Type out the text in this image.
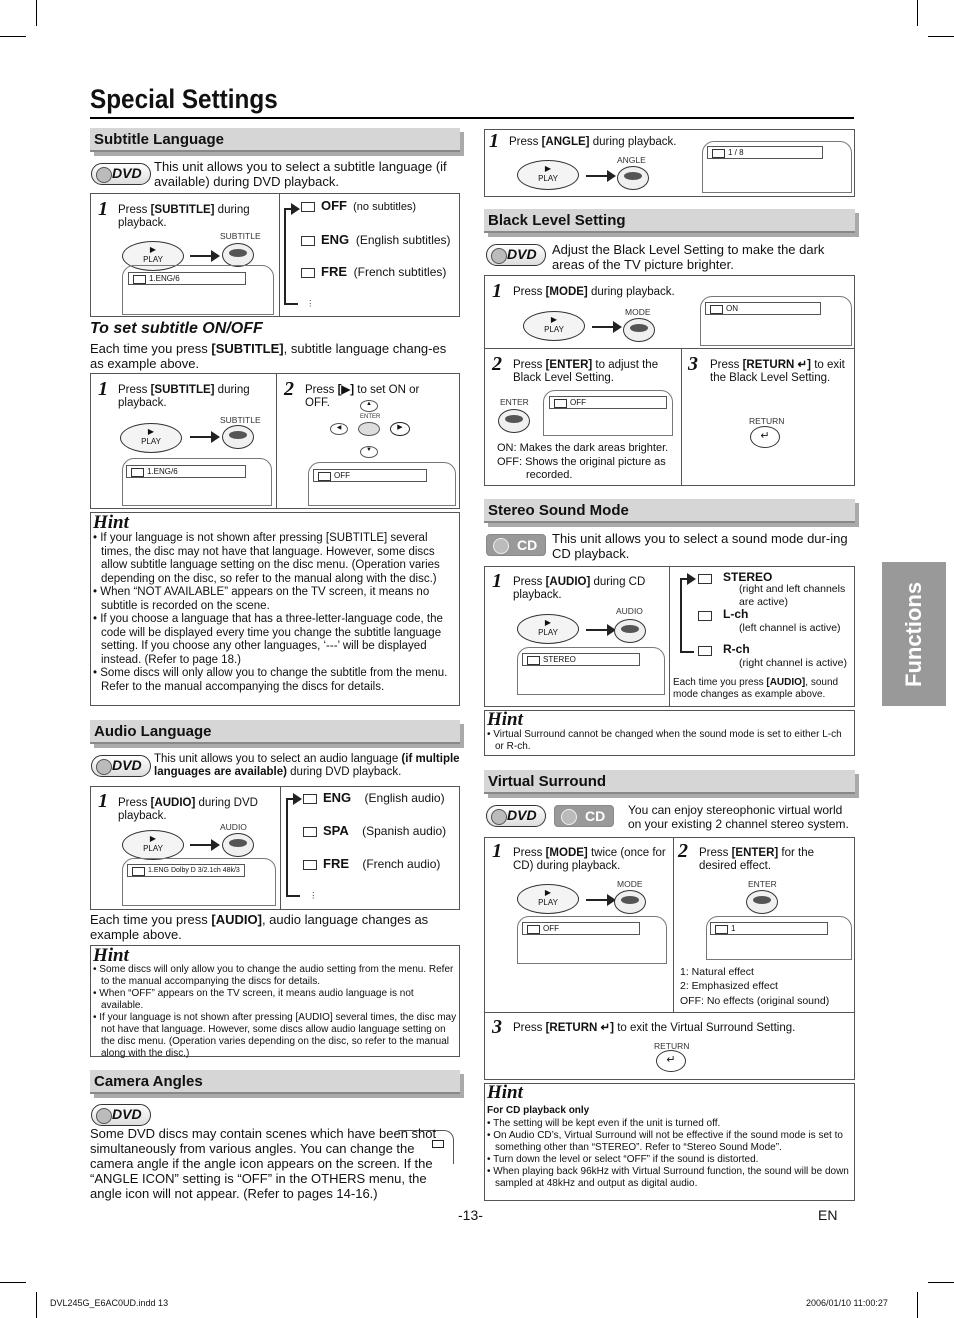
Special Settings
Subtitle Language
DVD This unit allows you to select a subtitle language (if available) during DVD playback.
1 Press [SUBTITLE] during playback.
▶
PLAY
SUBTITLE
1.ENG/6
OFF (no subtitles)
ENG (English subtitles)
FRE (French subtitles)
⋮
To set subtitle ON/OFF
Each time you press [SUBTITLE], subtitle language chang-es as example above.
1 Press [SUBTITLE] during playback.
▶
PLAY
SUBTITLE
1.ENG/6
2 Press [▶] to set ON or OFF.	▲
ENTER
◀	▶
▼
OFF
Hint
• If your language is not shown after pressing [SUBTITLE] several times, the disc may not have that language. However, some discs allow subtitle language setting on the disc menu. (Operation varies depending on the disc, so refer to the manual along with the disc.)
• When “NOT AVAILABLE” appears on the TV screen, it means no subtitle is recorded on the scene.
• If you choose a language that has a three-letter-language code, the code will be displayed every time you change the subtitle language setting. If you choose any other languages, ‘---’ will be displayed instead. (Refer to page 18.)
• Some discs will only allow you to change the subtitle from the menu. Refer to the manual accompanying the discs for details.
Audio Language
DVD	This unit allows you to select an audio language (if multiple languages are available) during DVD playback.
1 Press [AUDIO] during DVD playback.
▶
PLAY
AUDIO
1.ENG Dolby D 3/2.1ch 48k/3
ENG (English audio)
SPA (Spanish audio)
FRE (French audio)
⋮
Each time you press [AUDIO], audio language changes as example above.
Hint
• Some discs will only allow you to change the audio setting from the menu. Refer to the manual accompanying the discs for details.
• When “OFF” appears on the TV screen, it means audio language is not available.
• If your language is not shown after pressing [AUDIO] several times, the disc may not have that language. However, some discs allow audio language setting on the disc menu. (Operation varies depending on the disc, so refer to the manual along with the disc.)
Camera Angles
DVD
Some DVD discs may contain scenes which have been shot simultaneously from various angles. You can change the camera angle if the angle icon appears on the screen. If the “ANGLE ICON” setting is “OFF” in the OTHERS menu, the angle icon will not appear. (Refer to pages 14-16.)
1 Press [ANGLE] during playback.
▶
PLAY
ANGLE
1 / 8
Black Level Setting
DVD	Adjust the Black Level Setting to make the dark areas of the TV picture brighter.
1 Press [MODE] during playback.
▶
PLAY
MODE	ON
2 Press [ENTER] to adjust the Black Level Setting.
ENTER	OFF
ON: Makes the dark areas brighter.
OFF: Shows the original picture as recorded.
3 Press [RETURN ↵] to exit the Black Level Setting.
RETURN
↵
Stereo Sound Mode
CD	This unit allows you to select a sound mode dur-ing CD playback.
1 Press [AUDIO] during CD playback.
▶
PLAY
AUDIO
STEREO
STEREO
(right and left channels are active)
L-ch
(left channel is active)
R-ch
(right channel is active)
Each time you press [AUDIO], sound mode changes as example above.
Hint
• Virtual Surround cannot be changed when the sound mode is set to either L-ch or R-ch.
Virtual Surround
DVD	CD	You can enjoy stereophonic virtual world on your existing 2 channel stereo system.
1 Press [MODE] twice (once for CD) during playback.
▶
PLAY
MODE
OFF
2 Press [ENTER] for the desired effect.
ENTER
1
1: Natural effect
2: Emphasized effect
OFF: No effects (original sound)
3 Press [RETURN ↵] to exit the Virtual Surround Setting.
RETURN
↵
Hint
For CD playback only
• The setting will be kept even if the unit is turned off.
• On Audio CD’s, Virtual Surround will not be effective if the sound mode is set to something other than “STEREO”. Refer to “Stereo Sound Mode”.
• Turn down the level or select “OFF” if the sound is distorted.
• When playing back 96kHz with Virtual Surround function, the sound will be down sampled at 48kHz and output as digital audio.
Functions
-13-	EN
DVL245G_E6AC0UD.indd 13	2006/01/10 11:00:27
